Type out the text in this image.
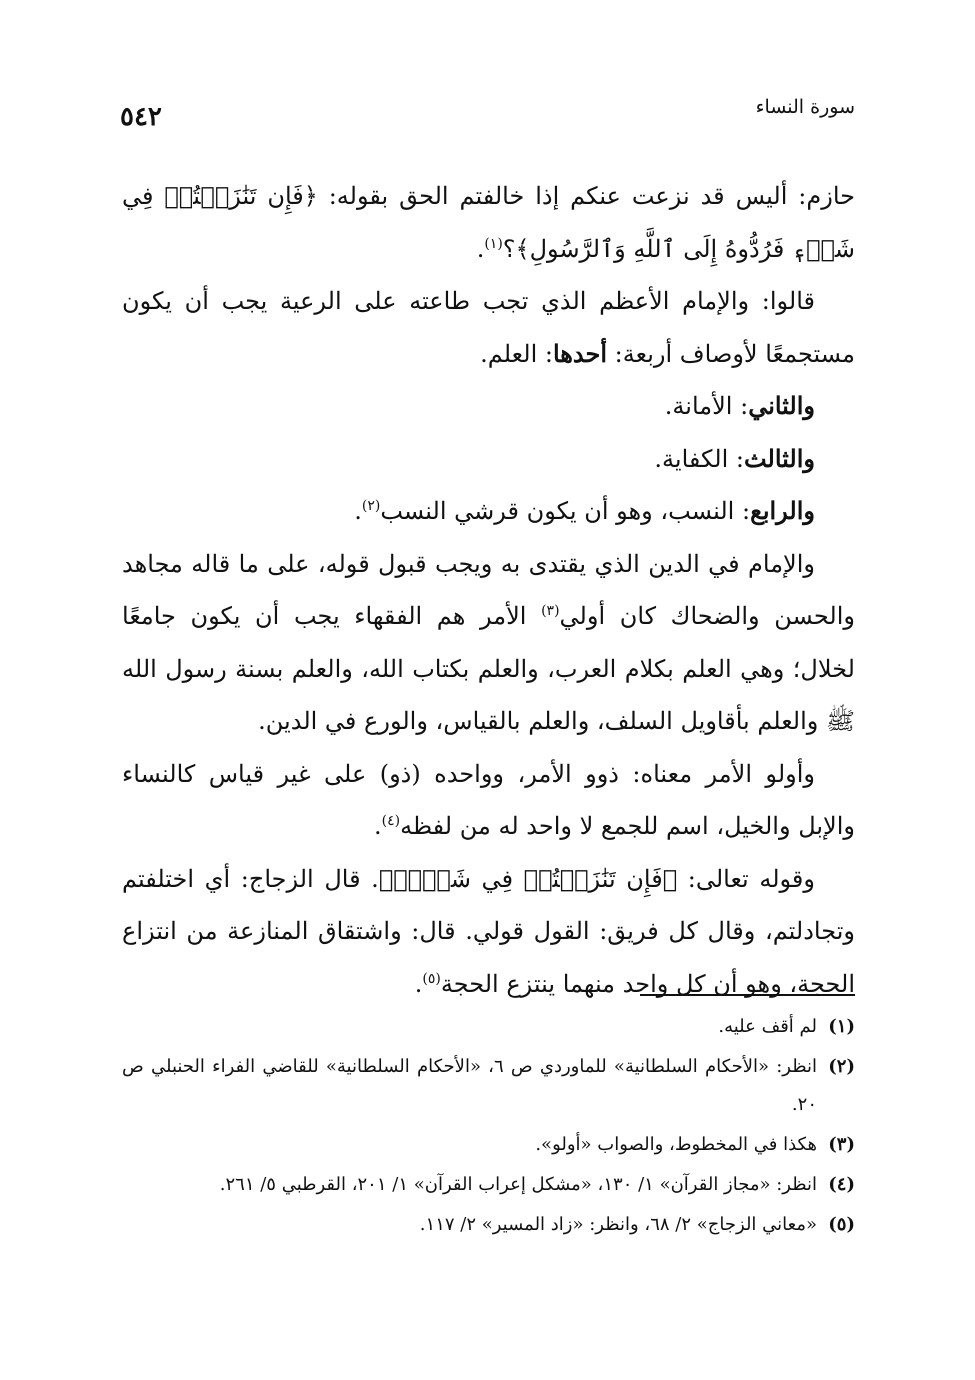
٥٤٢	سورة النساء

حازم: أليس قد نزعت عنكم إذا خالفتم الحق بقوله: ﴿فَإِن تَنَٰزَعۡتُمۡ فِي شَيۡءٖ فَرُدُّوهُ إِلَى ٱللَّهِ وَٱلرَّسُولِ﴾؟$^{(١)}$.

قالوا: والإمام الأعظم الذي تجب طاعته على الرعية يجب أن يكون مستجمعًا لأوصاف أربعة: أحدها: العلم.

والثاني: الأمانة.

والثالث: الكفاية.

والرابع: النسب، وهو أن يكون قرشي النسب$^{(٢)}$.

والإمام في الدين الذي يقتدى به ويجب قبول قوله، على ما قاله مجاهد والحسن والضحاك كان أولي$^{(٣)}$ الأمر هم الفقهاء يجب أن يكون جامعًا لخلال؛ وهي العلم بكلام العرب، والعلم بكتاب الله، والعلم بسنة رسول الله ﷺ والعلم بأقاويل السلف، والعلم بالقياس، والورع في الدين.

وأولو الأمر معناه: ذوو الأمر، وواحده (ذو) على غير قياس كالنساء والإبل والخيل، اسم للجمع لا واحد له من لفظه$^{(٤)}$.

وقوله تعالى: ﴿فَإِن تَنَٰزَعۡتُمۡ فِي شَيۡءٖ﴾. قال الزجاج: أي اختلفتم وتجادلتم، وقال كل فريق: القول قولي. قال: واشتقاق المنازعة من انتزاع الحجة، وهو أن كل واحد منهما ينتزع الحجة$^{(٥)}$.

(١)
لم أقف عليه.

(٢)
انظر: «الأحكام السلطانية» للماوردي ص ٦، «الأحكام السلطانية» للقاضي الفراء الحنبلي ص ٢٠.

(٣)
هكذا في المخطوط، والصواب «أولو».

(٤)
انظر: «مجاز القرآن» ١/ ١٣٠، «مشكل إعراب القرآن» ١/ ٢٠١، القرطبي ٥/ ٢٦١.

(٥)
«معاني الزجاج» ٢/ ٦٨، وانظر: «زاد المسير» ٢/ ١١٧.
